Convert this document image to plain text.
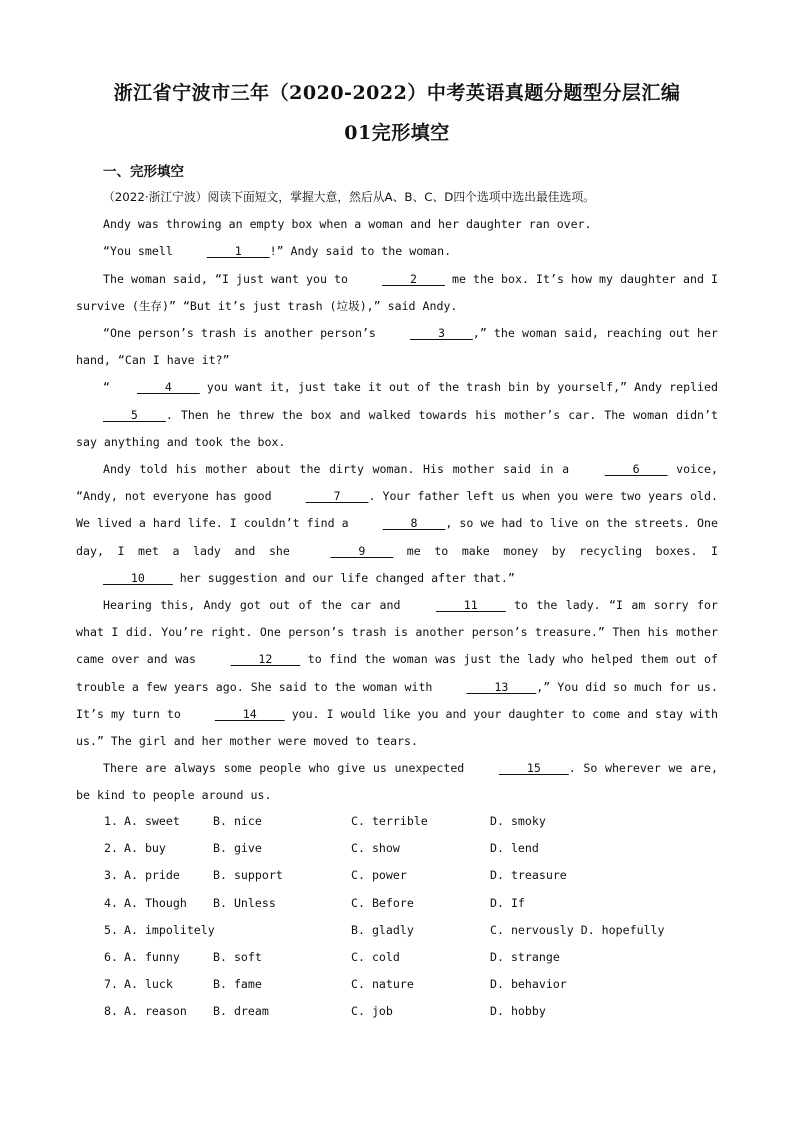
浙江省宁波市三年（2020-2022）中考英语真题分题型分层汇编
01完形填空
一、完形填空

（2022·浙江宁波）阅读下面短文，掌握大意，然后从A、B、C、D四个选项中选出最佳选项。

Andy was throwing an empty box when a woman and her daughter ran over.

“You smell     1    !” Andy said to the woman.

The woman said, “I just want you to     2     me the box. It’s how my daughter and I survive (生存)” “But it’s just trash (垃圾),” said Andy.

“One person’s trash is another person’s     3    ,” the woman said, reaching out her hand, “Can I have it?”

“    4     you want it, just take it out of the trash bin by yourself,” Andy replied     5    . Then he threw the box and walked towards his mother’s car. The woman didn’t say anything and took the box.

Andy told his mother about the dirty woman. His mother said in a     6     voice, “Andy, not everyone has good     7    . Your father left us when you were two years old. We lived a hard life. I couldn’t find a     8    , so we had to live on the streets. One day, I met a lady and she     9     me to make money by recycling boxes. I     10     her suggestion and our life changed after that.”

Hearing this, Andy got out of the car and     11     to the lady. “I am sorry for what I did. You’re right. One person’s trash is another person’s treasure.” Then his mother came over and was     12     to find the woman was just the lady who helped them out of trouble a few years ago. She said to the woman with     13    ,” You did so much for us. It’s my turn to     14     you. I would like you and your daughter to come and stay with us.” The girl and her mother were moved to tears.

There are always some people who give us unexpected     15    . So wherever we are, be kind to people around us.

1. A. sweet	B. nice	C. terrible	D. smoky
2. A. buy	B. give	C. show	D. lend
3. A. pride	B. support	C. power	D. treasure
4. A. Though B. Unless	C. Before	D. If
5. A. impolitely	B. gladly	C. nervously D. hopefully
6. A. funny	B. soft	C. cold	D. strange
7. A. luck	B. fame	C. nature	D. behavior
8. A. reason B. dream	C. job	D. hobby
